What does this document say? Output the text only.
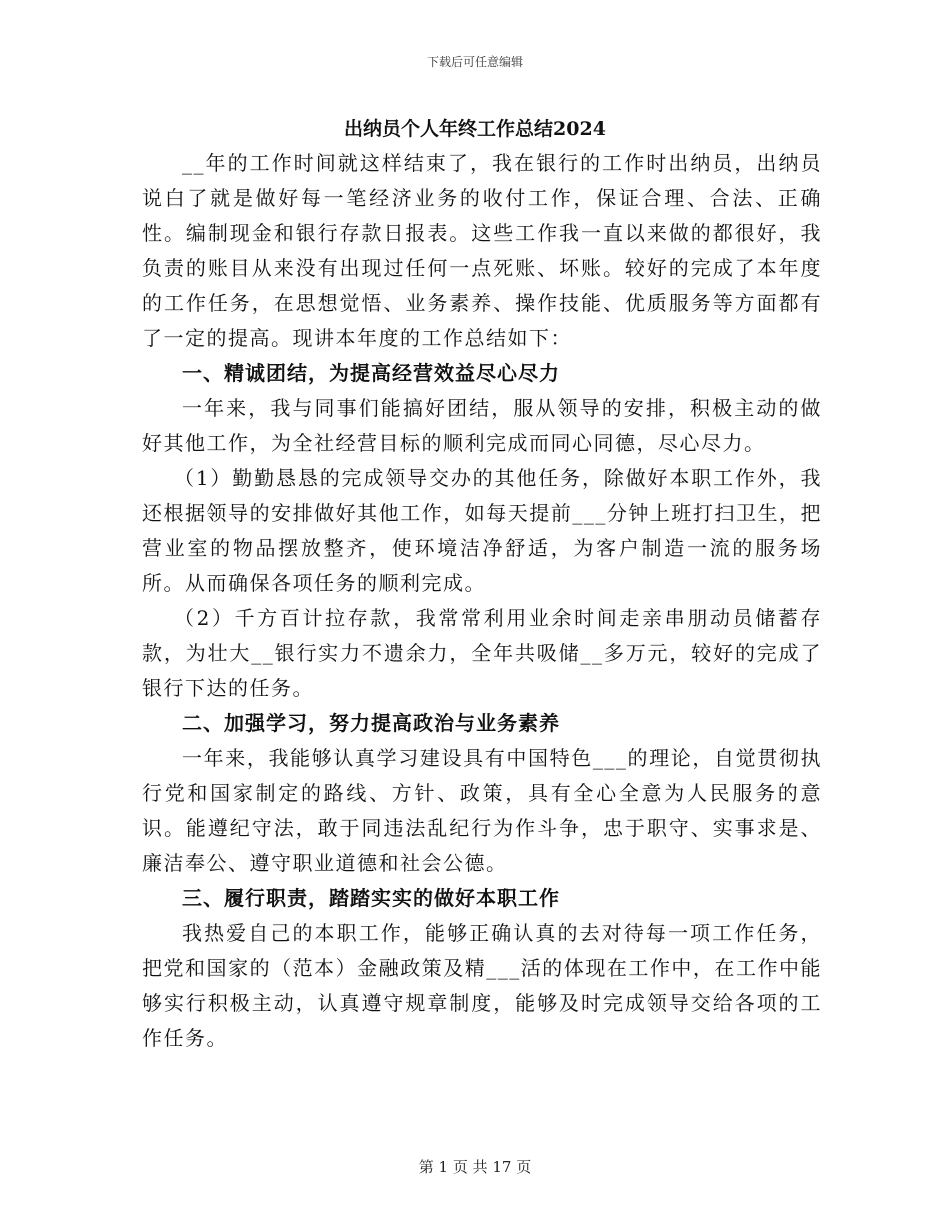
下载后可任意编辑
出纳员个人年终工作总结2024

__年的工作时间就这样结束了，我在银行的工作时出纳员，出纳员说白了就是做好每一笔经济业务的收付工作，保证合理、合法、正确性。编制现金和银行存款日报表。这些工作我一直以来做的都很好，我负责的账目从来没有出现过任何一点死账、坏账。较好的完成了本年度的工作任务，在思想觉悟、业务素养、操作技能、优质服务等方面都有了一定的提高。现讲本年度的工作总结如下：

一、精诚团结，为提高经营效益尽心尽力

一年来，我与同事们能搞好团结，服从领导的安排，积极主动的做好其他工作，为全社经营目标的顺利完成而同心同德，尽心尽力。

（1）勤勤恳恳的完成领导交办的其他任务，除做好本职工作外，我还根据领导的安排做好其他工作，如每天提前___分钟上班打扫卫生，把营业室的物品摆放整齐，使环境洁净舒适，为客户制造一流的服务场所。从而确保各项任务的顺利完成。

（2）千方百计拉存款，我常常利用业余时间走亲串朋动员储蓄存款，为壮大__银行实力不遗余力，全年共吸储__多万元，较好的完成了银行下达的任务。

二、加强学习，努力提高政治与业务素养

一年来，我能够认真学习建设具有中国特色___的理论，自觉贯彻执行党和国家制定的路线、方针、政策，具有全心全意为人民服务的意识。能遵纪守法，敢于同违法乱纪行为作斗争，忠于职守、实事求是、廉洁奉公、遵守职业道德和社会公德。

三、履行职责，踏踏实实的做好本职工作

我热爱自己的本职工作，能够正确认真的去对待每一项工作任务，把党和国家的（范本）金融政策及精___活的体现在工作中，在工作中能够实行积极主动，认真遵守规章制度，能够及时完成领导交给各项的工作任务。

第 1 页 共 17 页
